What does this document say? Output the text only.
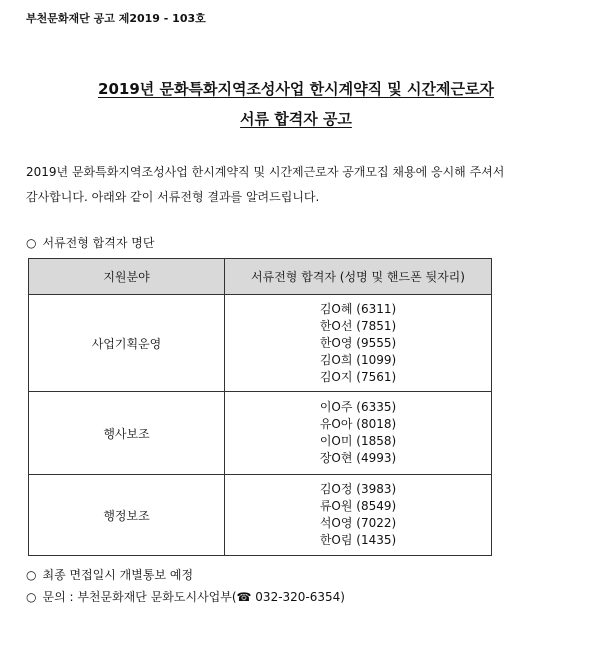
부천문화재단 공고 제2019 - 103호
2019년 문화특화지역조성사업 한시계약직 및 시간제근로자
서류 합격자 공고

2019년 문화특화지역조성사업 한시계약직 및 시간제근로자 공개모집 채용에 응시해 주셔서

감사합니다. 아래와 같이 서류전형 결과를 알려드립니다.

○ 서류전형 합격자 명단
지원분야	서류전형 합격자 (성명 및 핸드폰 뒷자리)
사업기획운영	김O혜 (6311)
한O선 (7851)
한O영 (9555)
김O희 (1099)
김O지 (7561)

행사보조	이O주 (6335)
유O아 (8018)
이O미 (1858)
장O현 (4993)

행정보조	김O정 (3983)
류O원 (8549)
석O영 (7022)
한O림 (1435)

○ 최종 면접일시 개별통보 예정

○ 문의 : 부천문화재단 문화도시사업부(☎ 032-320-6354)
